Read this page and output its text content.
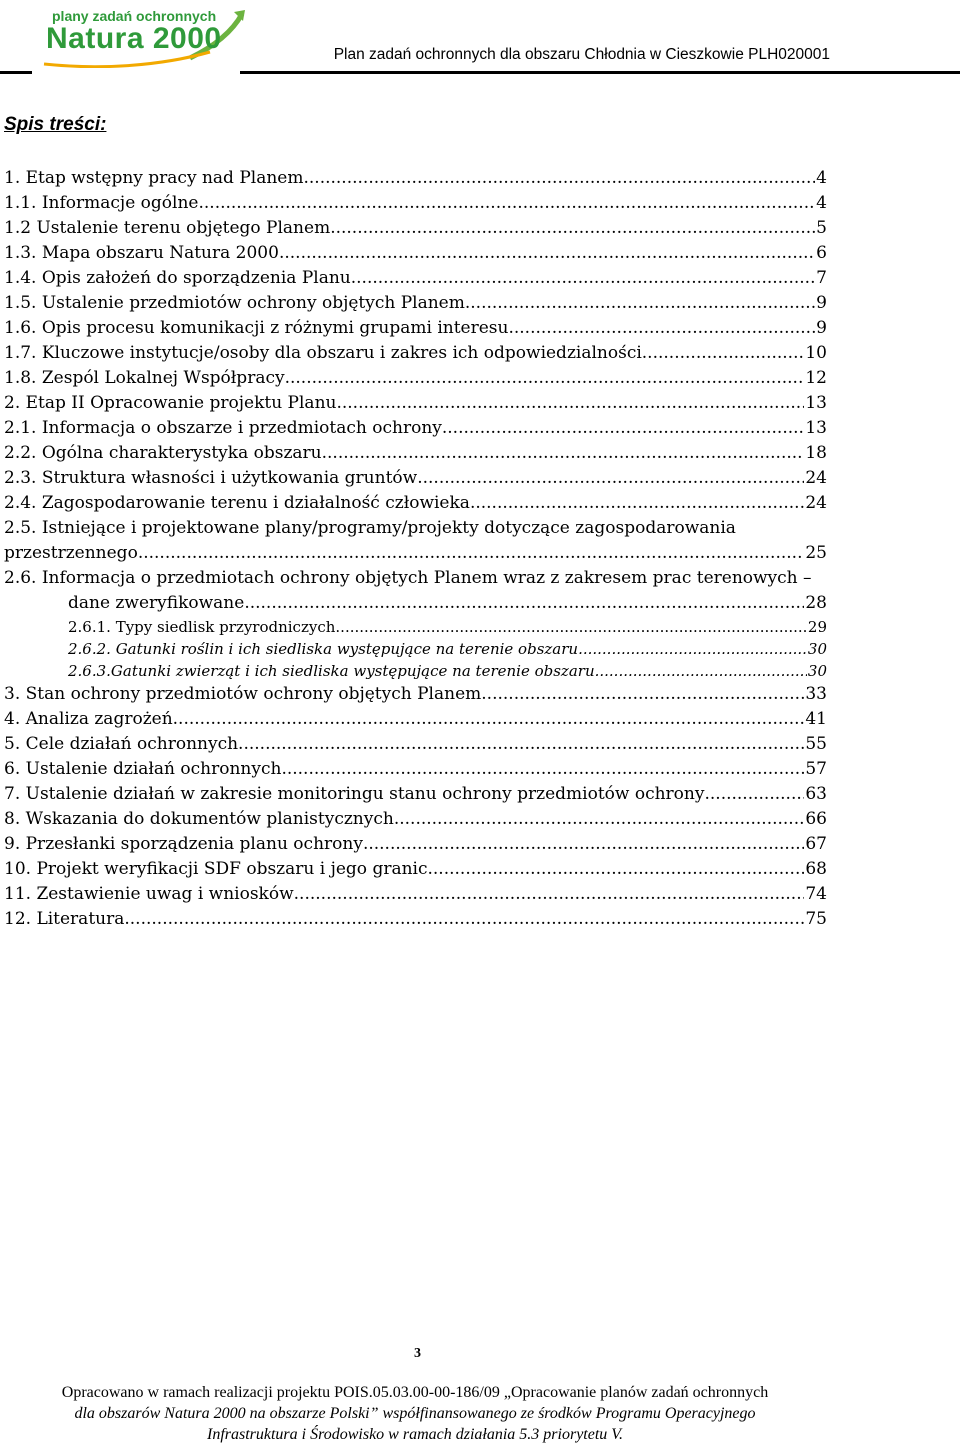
plany zadań ochronnych
Natura 2000	Plan zadań ochronnych dla obszaru Chłodnia w Cieszkowie PLH020001
Spis treści:
1. Etap wstępny pracy nad Planem .....	4
1.1. Informacje ogólne .....	4
1.2 Ustalenie terenu objętego Planem .....	5
1.3. Mapa obszaru Natura 2000 .....	6
1.4. Opis założeń do sporządzenia Planu .....	7
1.5. Ustalenie przedmiotów ochrony objętych Planem .....	9
1.6. Opis procesu komunikacji z różnymi grupami interesu .....	9
1.7. Kluczowe instytucje/osoby dla obszaru i zakres ich odpowiedzialności .....	10
1.8. Zespól Lokalnej Współpracy .....	12
2. Etap II Opracowanie projektu Planu .....	13
2.1. Informacja o obszarze i przedmiotach ochrony .....	13
2.2. Ogólna charakterystyka obszaru .....	18
2.3. Struktura własności i użytkowania gruntów .....	24
2.4. Zagospodarowanie terenu i działalność człowieka .....	24
2.5. Istniejące i projektowane plany/programy/projekty dotyczące zagospodarowania
przestrzennego .....	25
2.6. Informacja o przedmiotach ochrony objętych Planem wraz z zakresem prac terenowych –
dane zweryfikowane .....	28
2.6.1. Typy siedlisk przyrodniczych .....	29
2.6.2. Gatunki roślin i ich siedliska występujące na terenie obszaru .....	30
2.6.3.Gatunki zwierząt i ich siedliska występujące na terenie obszaru .....	30
3. Stan ochrony przedmiotów ochrony objętych Planem .....	33
4. Analiza zagrożeń .....	41
5. Cele działań ochronnych .....	55
6. Ustalenie działań ochronnych .....	57
7. Ustalenie działań w zakresie monitoringu stanu ochrony przedmiotów ochrony .....	63
8. Wskazania do dokumentów planistycznych .....	66
9. Przesłanki sporządzenia planu ochrony .....	67
10. Projekt weryfikacji SDF obszaru i jego granic .....	68
11. Zestawienie uwag i wniosków .....	74
12. Literatura .....	75
3
Opracowano w ramach realizacji projektu POIS.05.03.00-00-186/09 „Opracowanie planów zadań ochronnych
dla obszarów Natura 2000 na obszarze Polski” współfinansowanego ze środków Programu Operacyjnego
Infrastruktura i Środowisko w ramach działania 5.3 priorytetu V.
